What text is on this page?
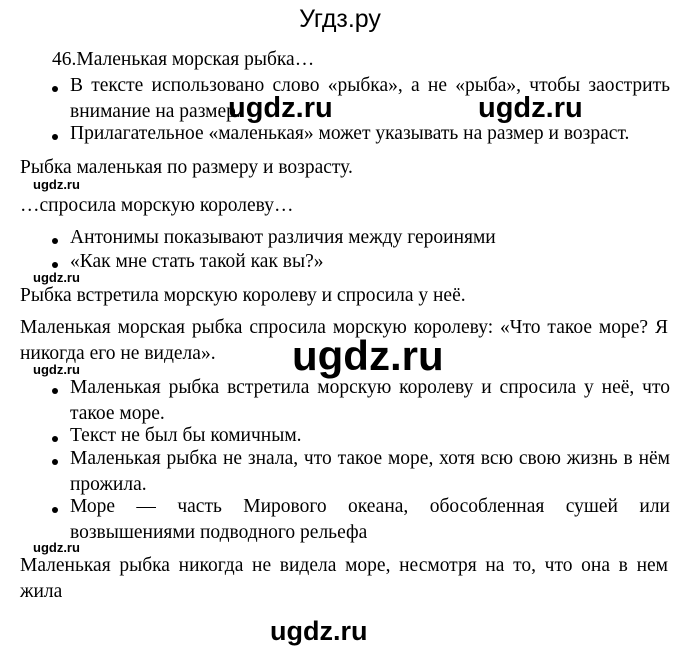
Угдз.ру
46.Маленькая морская рыбка…
В тексте использовано слово «рыбка», а не «рыба», чтобы заострить внимание на размер.
Прилагательное «маленькая» может указывать на размер и возраст.
Рыбка маленькая по размеру и возрасту.
…спросила морскую королеву…
Антонимы показывают различия между героинями
«Как мне стать такой как вы?»
Рыбка встретила морскую королеву и спросила у неё.
Маленькая морская рыбка спросила морскую королеву: «Что такое море? Я никогда его не видела».
Маленькая рыбка встретила морскую королеву и спросила у неё, что такое море.
Текст не был бы комичным.
Маленькая рыбка не знала, что такое море, хотя всю свою жизнь в нём прожила.
Море — часть Мирового океана, обособленная сушей или возвышениями подводного рельефа
Маленькая рыбка никогда не видела море, несмотря на то, что она в нем жила
ugdz.ru	ugdz.ru
ugdz.ru
ugdz.ru
ugdz.ru
ugdz.ru
ugdz.ru
ugdz.ru
